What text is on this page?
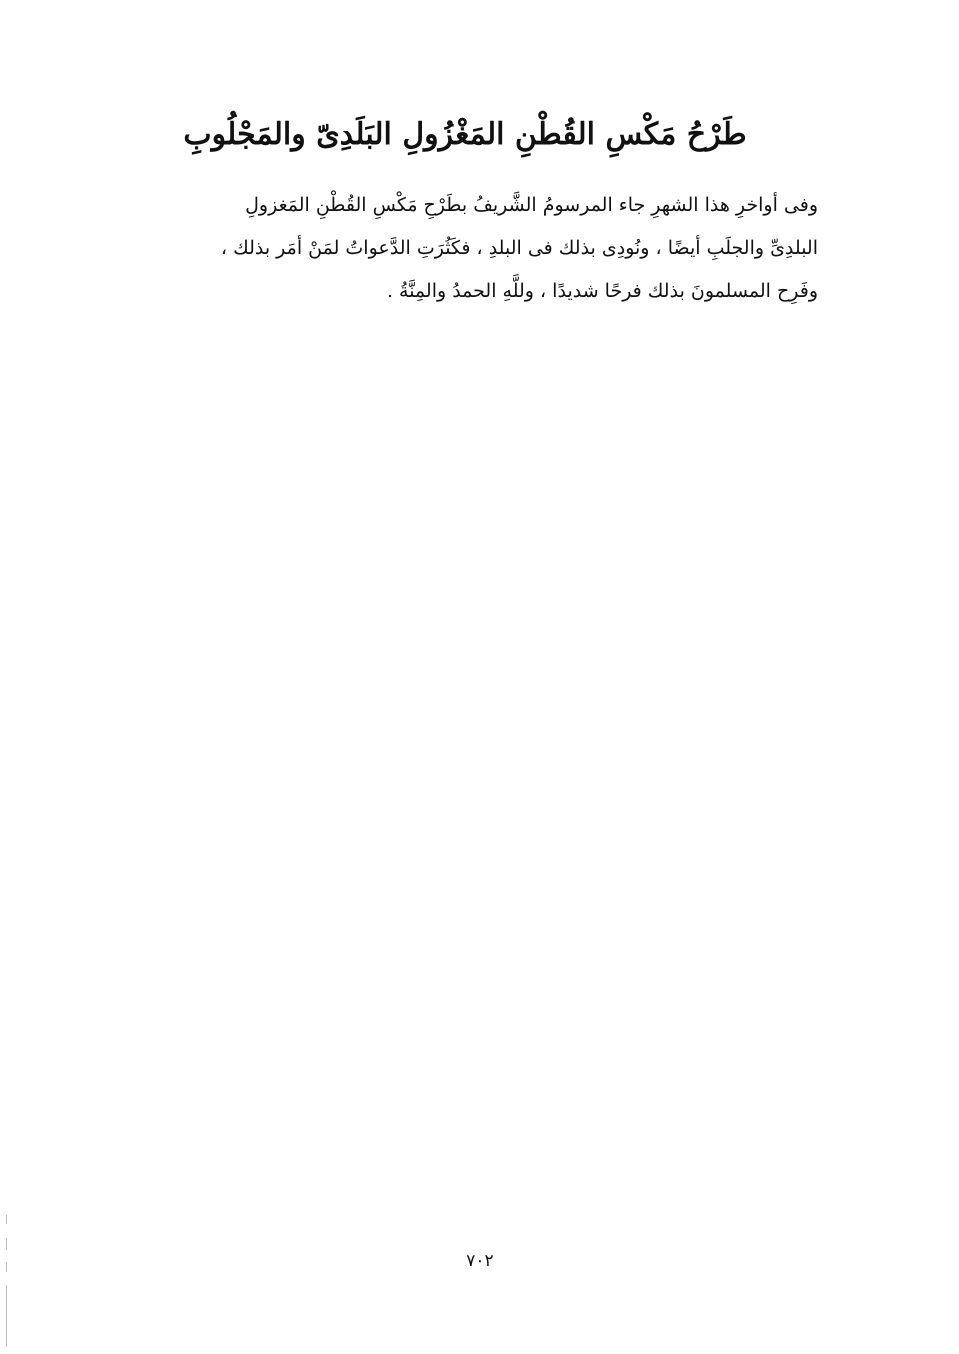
طَرْحُ مَكْسِ القُطْنِ المَغْزُولِ البَلَدِىّ والمَجْلُوبِ
وفى أواخرِ هذا الشهرِ جاء المرسومُ الشَّريفُ بطَرْحِ مَكْسِ القُطْنِ المَغزولِ
البلدِىِّ والجلَبِ أيضًا ، ونُودِى بذلك فى البلدِ ، فكَثُرَتِ الدَّعواتُ لمَنْ أمَر بذلك ،
وفَرِح المسلمونَ بذلك فرحًا شديدًا ، وللَّهِ الحمدُ والمِنَّةُ .
٧٠٢
